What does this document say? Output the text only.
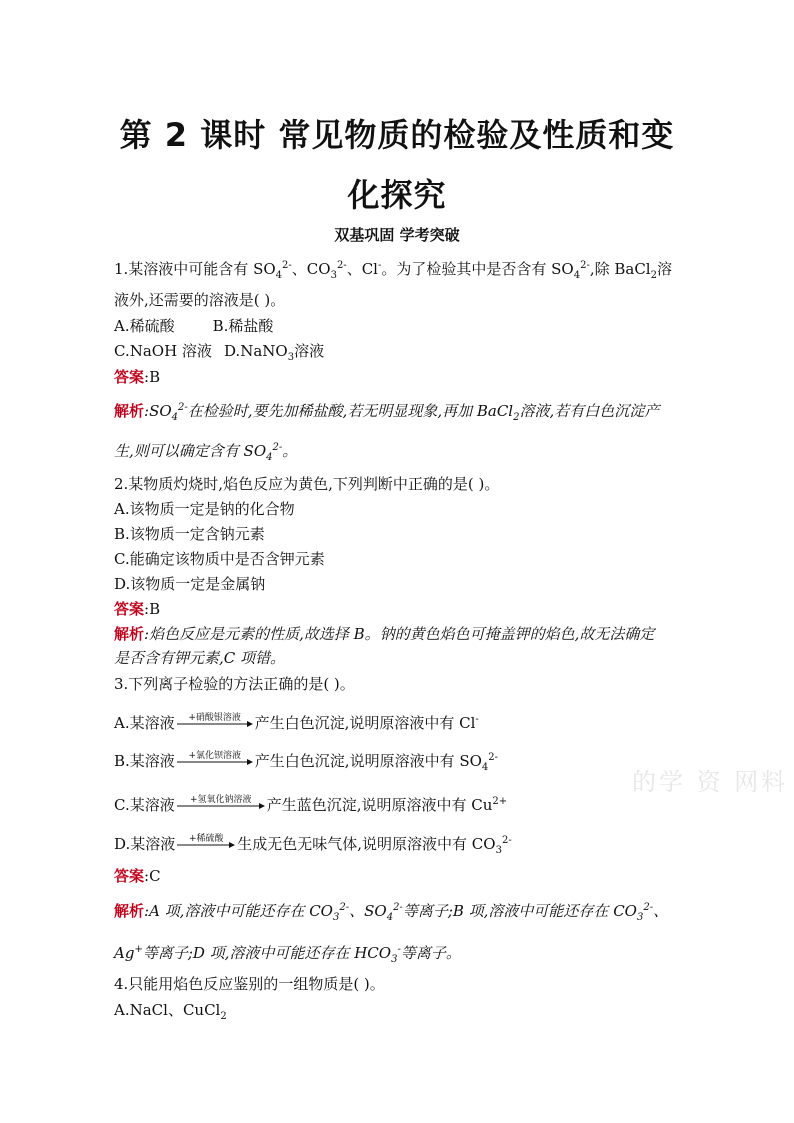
第 2 课时 常见物质的检验及性质和变
化探究
双基巩固 学考突破
1.某溶液中可能含有 $SO_4^{2-}$、$CO_3^{2-}$、Cl-。为了检验其中是否含有 $SO_4^{2-}$,除 BaCl$_2$溶
液外,还需要的溶液是( )。
A.稀硫酸	B.稀盐酸
C.NaOH 溶液 D.NaNO$_3$溶液
答案:B
解析$:SO_4^{2-}$在检验时,要先加稀盐酸,若无明显现象,再加 BaCl$_2$溶液,若有白色沉淀产
生,则可以确定含有 $SO_4^{2-}$。
2.某物质灼烧时,焰色反应为黄色,下列判断中正确的是( )。
A.该物质一定是钠的化合物
B.该物质一定含钠元素
C.能确定该物质中是否含钾元素
D.该物质一定是金属钠
答案:B
解析:焰色反应是元素的性质,故选择 B。钠的黄色焰色可掩盖钾的焰色,故无法确定
是否含有钾元素,C 项错。
3.下列离子检验的方法正确的是( )。
A.某溶液	+硝酸银溶液 产生白色沉淀,说明原溶液中有 Cl-
B.某溶液	+氯化钡溶液 产生白色沉淀,说明原溶液中有 $SO_4^{2-}$
C.某溶液	+氢氧化钠溶液	产生蓝色沉淀,说明原溶液中有 $Cu^{2+}$
D.某溶液	+稀硫酸 生成无色无味气体,说明原溶液中有 $CO_3^{2-}$
答案:C
解析:A 项,溶液中可能还存在 $CO_3^{2-}$、$SO_4^{2-}$等离子;B 项,溶液中可能还存在 $CO_3^{2-}$、
Ag+等离子;D 项,溶液中可能还存在 $HCO_3^-$等离子。
4.只能用焰色反应鉴别的一组物质是( )。
A.NaCl、CuCl$_2$
的学 资 网料
